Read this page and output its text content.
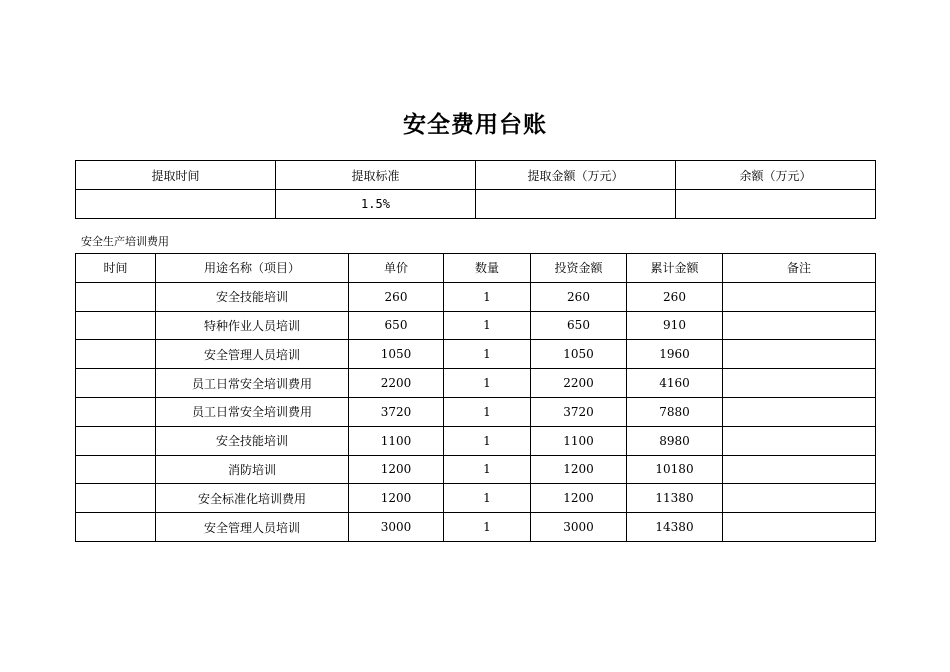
安全费用台账
提取时间	提取标准	提取金额（万元）	余额（万元）
	1.5%		
安全生产培训费用
时间	用途名称（项目）	单价	数量	投资金额	累计金额	备注
	安全技能培训	260	1	260	260	
	特种作业人员培训	650	1	650	910	
	安全管理人员培训	1050	1	1050	1960	
	员工日常安全培训费用	2200	1	2200	4160	
	员工日常安全培训费用	3720	1	3720	7880	
	安全技能培训	1100	1	1100	8980	
	消防培训	1200	1	1200	10180	
	安全标准化培训费用	1200	1	1200	11380	
	安全管理人员培训	3000	1	3000	14380	
